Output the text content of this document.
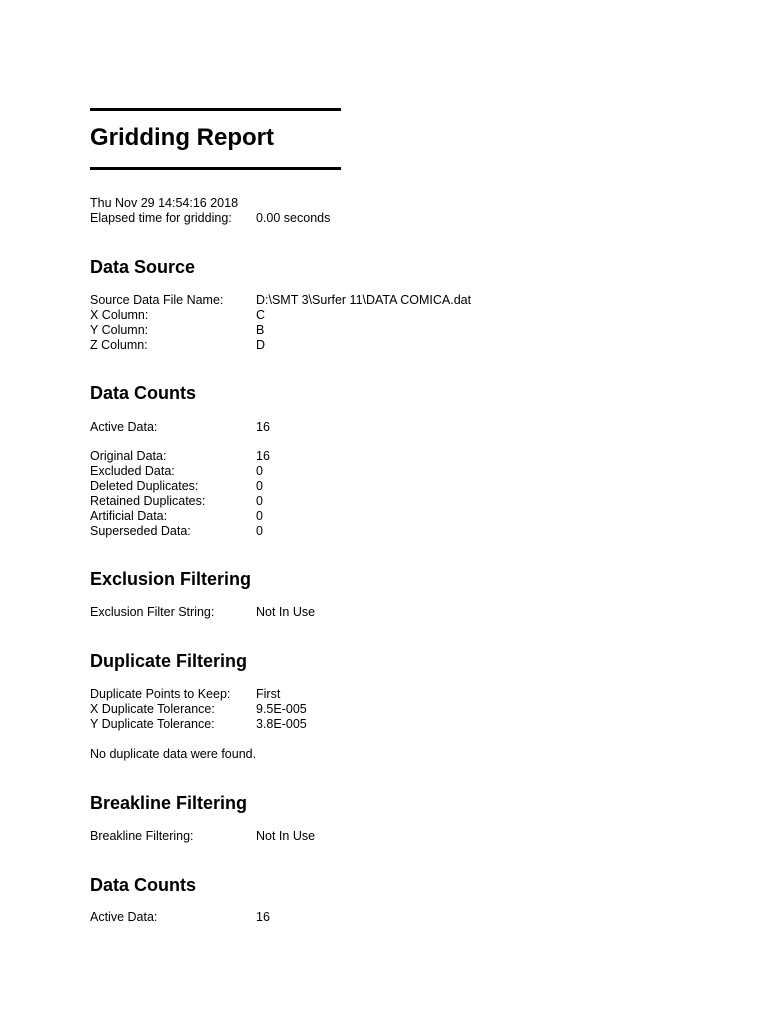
Gridding Report
Thu Nov 29 14:54:16 2018
Elapsed time for gridding: 0.00 seconds
Data Source
Source Data File Name:	D:\SMT 3\Surfer 11\DATA COMICA.dat
X Column:	C
Y Column:	B
Z Column:	D
Data Counts
Active Data:	16
Original Data:	16
Excluded Data:	0
Deleted Duplicates:	0
Retained Duplicates:	0
Artificial Data:	0
Superseded Data:	0
Exclusion Filtering
Exclusion Filter String:	Not In Use
Duplicate Filtering
Duplicate Points to Keep: First
X Duplicate Tolerance:	9.5E-005
Y Duplicate Tolerance:	3.8E-005
No duplicate data were found.
Breakline Filtering
Breakline Filtering:	Not In Use
Data Counts
Active Data:	16
